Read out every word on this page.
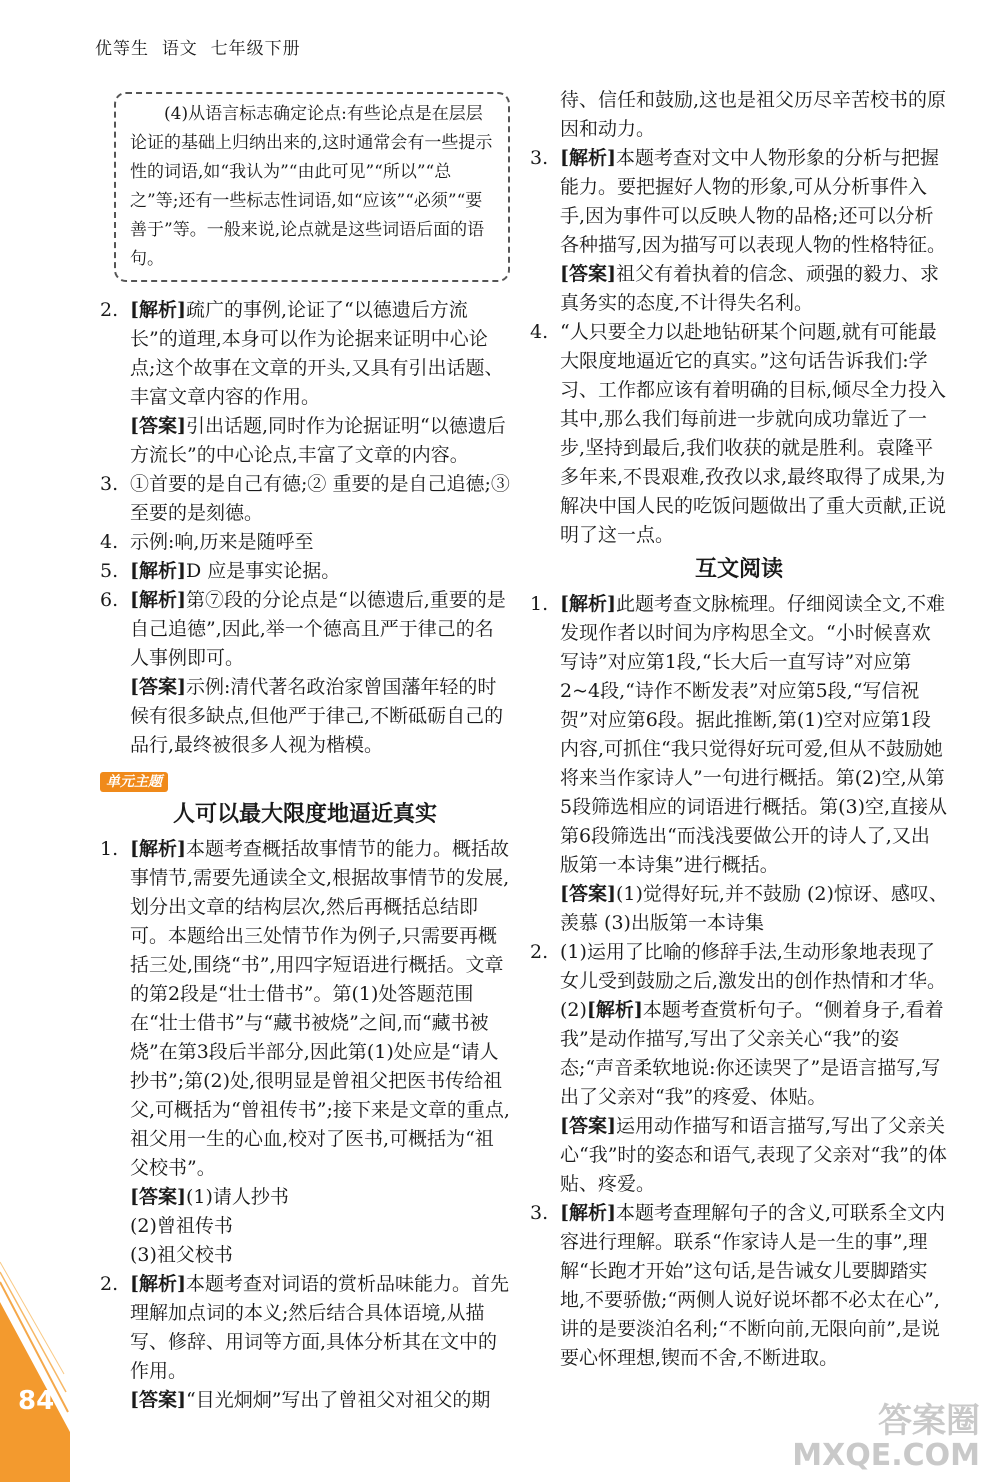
84
优等生 语文 七年级下册
(4)从语言标志确定论点:有些论点是在层层论证的基础上归纳出来的,这时通常会有一些提示性的词语,如“我认为”“由此可见”“所以”“总之”等;还有一些标志性词语,如“应该”“必须”“要善于”等。一般来说,论点就是这些词语后面的语句。

2. [解析]疏广的事例,论证了“以德遗后方流长”的道理,本身可以作为论据来证明中心论点;这个故事在文章的开头,又具有引出话题、丰富文章内容的作用。

[答案]引出话题,同时作为论据证明“以德遗后方流长”的中心论点,丰富了文章的内容。

3. ①首要的是自己有德;② 重要的是自己追德;③至要的是刻德。

4. 示例:响,历来是随呼至

5. [解析]D 应是事实论据。

6. [解析]第⑦段的分论点是“以德遗后,重要的是自己追德”,因此,举一个德高且严于律己的名人事例即可。

[答案]示例:清代著名政治家曾国藩年轻的时候有很多缺点,但他严于律己,不断砥砺自己的品行,最终被很多人视为楷模。

单元主题
人可以最大限度地逼近真实

1. [解析]本题考查概括故事情节的能力。概括故事情节,需要先通读全文,根据故事情节的发展,划分出文章的结构层次,然后再概括总结即可。本题给出三处情节作为例子,只需要再概括三处,围绕“书”,用四字短语进行概括。文章的第2段是“壮士借书”。第(1)处答题范围在“壮士借书”与“藏书被烧”之间,而“藏书被烧”在第3段后半部分,因此第(1)处应是“请人抄书”;第(2)处,很明显是曾祖父把医书传给祖父,可概括为“曾祖传书”;接下来是文章的重点,祖父用一生的心血,校对了医书,可概括为“祖父校书”。

[答案](1)请人抄书

(2)曾祖传书

(3)祖父校书

2. [解析]本题考查对词语的赏析品味能力。首先理解加点词的本义;然后结合具体语境,从描写、修辞、用词等方面,具体分析其在文中的作用。

[答案]“目光炯炯”写出了曾祖父对祖父的期

待、信任和鼓励,这也是祖父历尽辛苦校书的原因和动力。

3. [解析]本题考查对文中人物形象的分析与把握能力。要把握好人物的形象,可从分析事件入手,因为事件可以反映人物的品格;还可以分析各种描写,因为描写可以表现人物的性格特征。

[答案]祖父有着执着的信念、顽强的毅力、求真务实的态度,不计得失名利。

4. “人只要全力以赴地钻研某个问题,就有可能最大限度地逼近它的真实。”这句话告诉我们:学习、工作都应该有着明确的目标,倾尽全力投入其中,那么我们每前进一步就向成功靠近了一步,坚持到最后,我们收获的就是胜利。袁隆平多年来,不畏艰难,孜孜以求,最终取得了成果,为解决中国人民的吃饭问题做出了重大贡献,正说明了这一点。

互文阅读

1. [解析]此题考查文脉梳理。仔细阅读全文,不难发现作者以时间为序构思全文。“小时候喜欢写诗”对应第1段,“长大后一直写诗”对应第2~4段,“诗作不断发表”对应第5段,“写信祝贺”对应第6段。据此推断,第(1)空对应第1段内容,可抓住“我只觉得好玩可爱,但从不鼓励她将来当作家诗人”一句进行概括。第(2)空,从第5段筛选相应的词语进行概括。第(3)空,直接从第6段筛选出“而浅浅要做公开的诗人了,又出版第一本诗集”进行概括。

[答案](1)觉得好玩,并不鼓励 (2)惊讶、感叹、羡慕 (3)出版第一本诗集

2. (1)运用了比喻的修辞手法,生动形象地表现了女儿受到鼓励之后,激发出的创作热情和才华。

(2)[解析]本题考查赏析句子。“侧着身子,看着我”是动作描写,写出了父亲关心“我”的姿态;“声音柔软地说:你还读哭了”是语言描写,写出了父亲对“我”的疼爱、体贴。

[答案]运用动作描写和语言描写,写出了父亲关心“我”时的姿态和语气,表现了父亲对“我”的体贴、疼爱。

3. [解析]本题考查理解句子的含义,可联系全文内容进行理解。联系“作家诗人是一生的事”,理解“长跑才开始”这句话,是告诫女儿要脚踏实地,不要骄傲;“两侧人说好说坏都不必太在心”,讲的是要淡泊名利;“不断向前,无限向前”,是说要心怀理想,锲而不舍,不断进取。

答案圈
MXQE.COM
